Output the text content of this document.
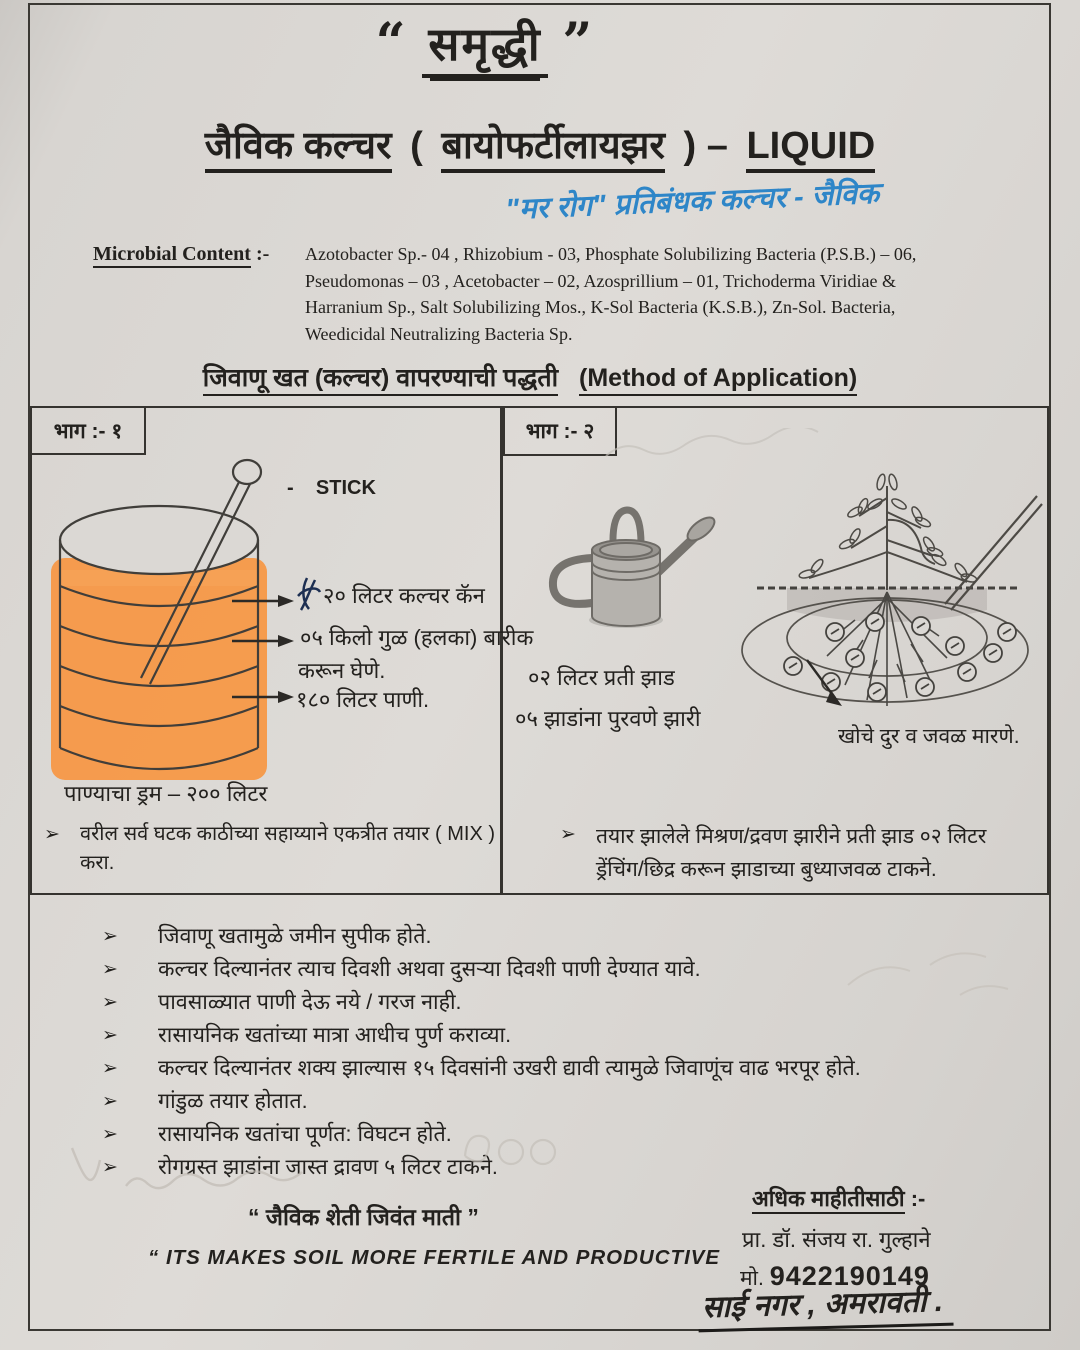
“ समृद्धी ”
जैविक कल्चर ( बायोफर्टीलायझर ) – LIQUID
"मर रोग" प्रतिबंधक कल्चर - जैविक
Microbial Content :- Azotobacter Sp.- 04 , Rhizobium - 03, Phosphate Solubilizing Bacteria (P.S.B.) – 06,
Pseudomonas – 03 , Acetobacter – 02, Azosprillium – 01, Trichoderma Viridiae &
Harranium Sp., Salt Solubilizing Mos., K-Sol Bacteria (K.S.B.), Zn-Sol. Bacteria,
Weedicidal Neutralizing Bacteria Sp.
जिवाणू खत (कल्चर) वापरण्याची पद्धती (Method of Application)
भाग :- १	भाग :- २
-    STICK
२० लिटर कल्चर कॅन
०५ किलो गुळ (हलका) बारीक
करून घेणे.
१८० लिटर पाणी.
पाण्याचा ड्रम – २०० लिटर
➢	वरील सर्व घटक काठीच्या सहाय्याने एकत्रीत तयार ( MIX ) करा.
०२ लिटर प्रती झाड
०५ झाडांना पुरवणे झारी
खोचे दुर व जवळ मारणे.
➢ तयार झालेले मिश्रण/द्रवण झारीने प्रती झाड ०२ लिटर
ड्रेंचिंग/छिद्र करून झाडाच्या बुध्याजवळ टाकने.
➢	जिवाणू खतामुळे जमीन सुपीक होते.
➢	कल्चर दिल्यानंतर त्याच दिवशी अथवा दुसऱ्या दिवशी पाणी देण्यात यावे.
➢	पावसाळ्यात पाणी देऊ नये / गरज नाही.
➢	रासायनिक खतांच्या मात्रा आधीच पुर्ण कराव्या.
➢	कल्चर दिल्यानंतर शक्य झाल्यास १५ दिवसांनी उखरी द्यावी त्यामुळे जिवाणूंच वाढ भरपूर होते.
➢	गांडुळ तयार होतात.
➢	रासायनिक खतांचा पूर्णत: विघटन होते.
➢	रोगग्रस्त झाडांना जास्त द्रावण ५ लिटर टाकने.
अधिक माहीतीसाठी :-
प्रा. डॉ. संजय रा. गुल्हाने
मो. 9422190149
साई नगर , अमरावती .
“ जैविक शेती जिवंत माती ”
“ ITS MAKES SOIL MORE FERTILE AND PRODUCTIVE
